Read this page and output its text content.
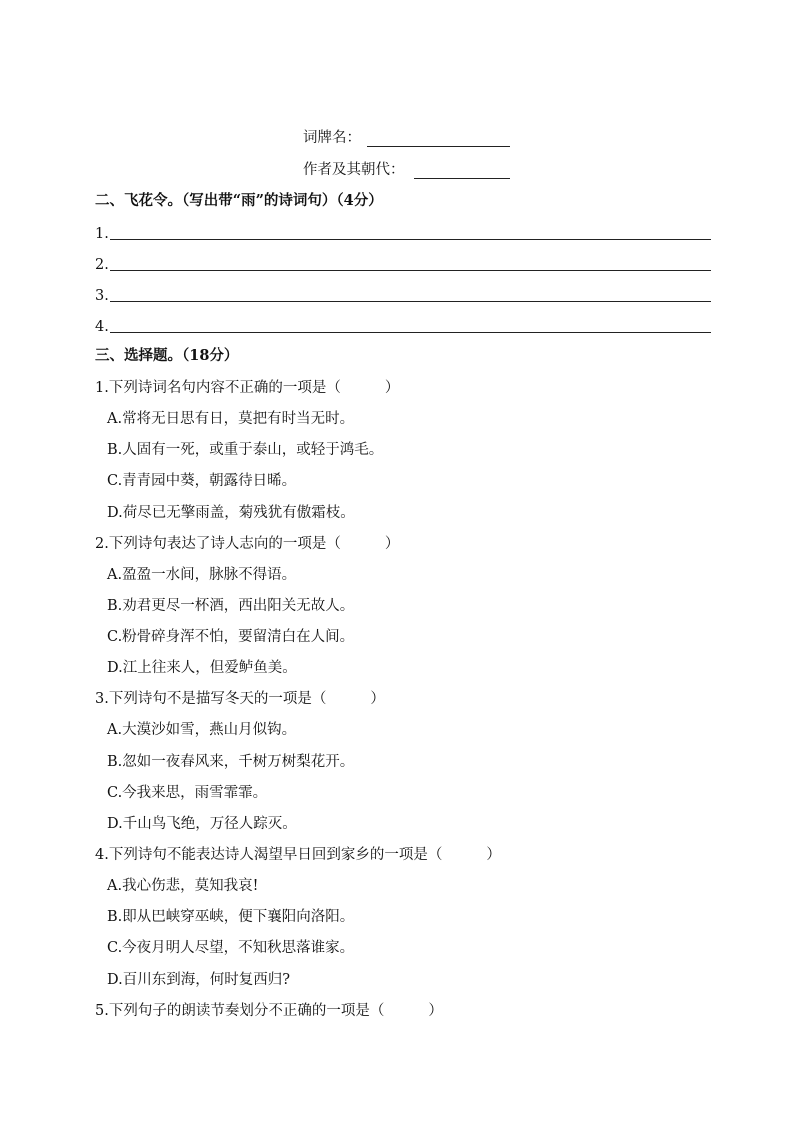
词牌名：
作者及其朝代：
二、飞花令。（写出带“雨”的诗词句）（4分）
1.
2.
3.
4.
三、选择题。（18分）
1.下列诗词名句内容不正确的一项是（	）
A.常将无日思有日，莫把有时当无时。
B.人固有一死，或重于泰山，或轻于鸿毛。
C.青青园中葵，朝露待日晞。
D.荷尽已无擎雨盖，菊残犹有傲霜枝。
2.下列诗句表达了诗人志向的一项是（	）
A.盈盈一水间，脉脉不得语。
B.劝君更尽一杯酒，西出阳关无故人。
C.粉骨碎身浑不怕，要留清白在人间。
D.江上往来人，但爱鲈鱼美。
3.下列诗句不是描写冬天的一项是（	）
A.大漠沙如雪，燕山月似钩。
B.忽如一夜春风来，千树万树梨花开。
C.今我来思，雨雪霏霏。
D.千山鸟飞绝，万径人踪灭。
4.下列诗句不能表达诗人渴望早日回到家乡的一项是（	）
A.我心伤悲，莫知我哀!
B.即从巴峡穿巫峡，便下襄阳向洛阳。
C.今夜月明人尽望，不知秋思落谁家。
D.百川东到海，何时复西归?
5.下列句子的朗读节奏划分不正确的一项是（	）
